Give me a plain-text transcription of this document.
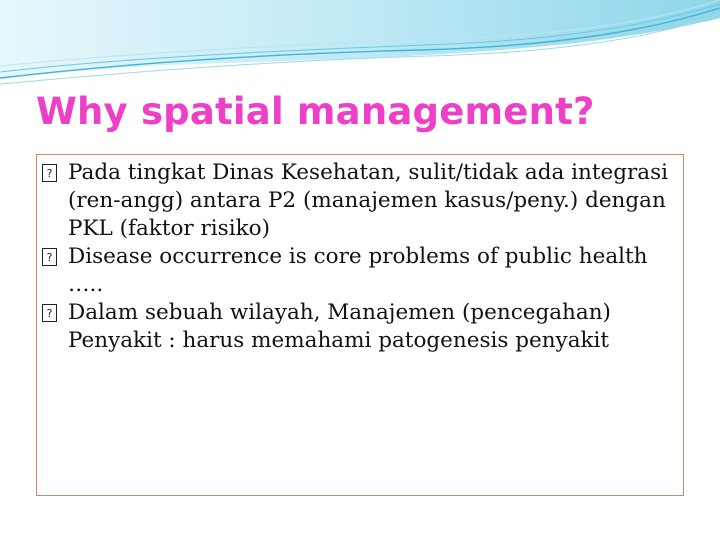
Why spatial management?
? Pada tingkat Dinas Kesehatan, sulit/tidak ada integrasi (ren-angg) antara P2 (manajemen kasus/peny.) dengan PKL (faktor risiko)
? Disease occurrence is core problems of public health …..
? Dalam sebuah wilayah, Manajemen (pencegahan) Penyakit : harus memahami patogenesis penyakit
